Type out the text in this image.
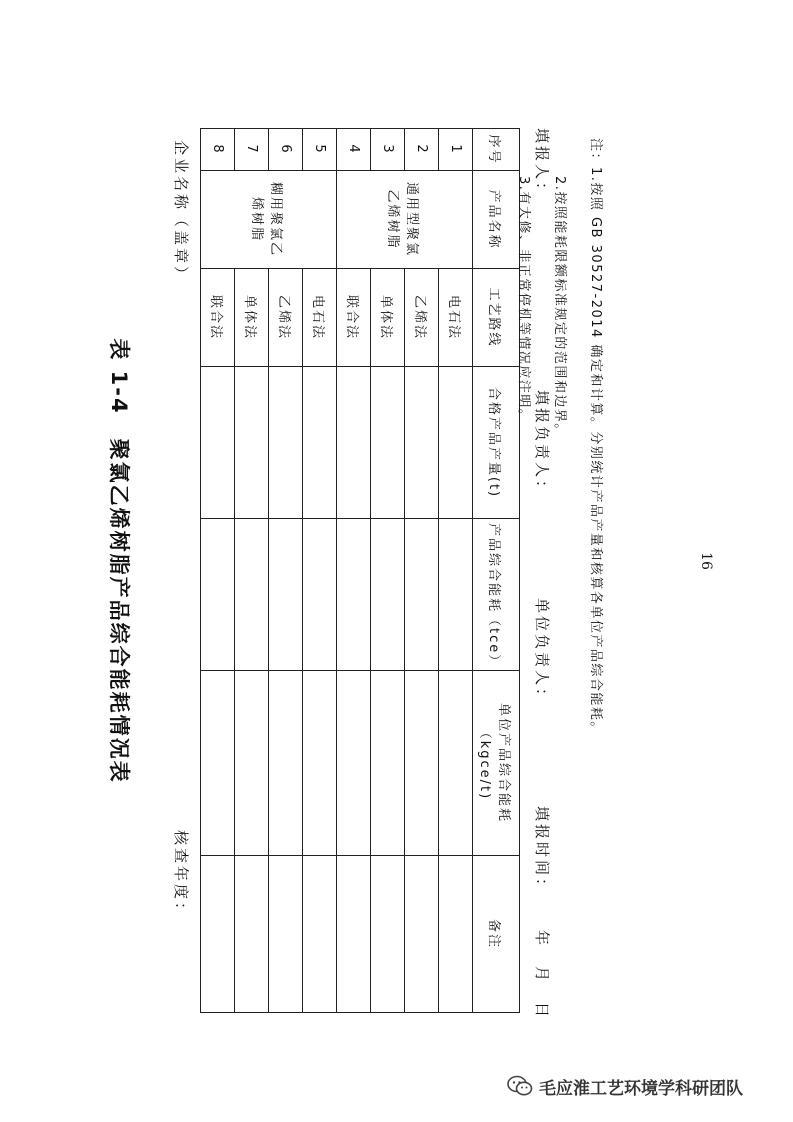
表 1-4聚氯乙烯树脂产品综合能耗情况表
企业名称（盖章）
核查年度：
序号	产品名称	工艺路线	合格产品产量(t)	产品综合能耗（tce）	单位产品综合能耗（kgce/t)	备注
1	通用型聚氯乙烯树脂	电石法				
2		乙烯法				
3		单体法				
4		联合法				
5	糊用聚氯乙烯树脂	电石法				
6		乙烯法				
7		单体法				
8		联合法				
填报人：
填报负责人：
单位负责人：
填报时间：
年
月
日
注：1.按照 GB 30527-2014 确定和计算。分别统计产品产量和核算各单位产品综合能耗。
2.按照能耗限额标准规定的范围和边界。
3.有大修、非正常停机等情况应注明。
16
毛应淮工艺环境学科研团队
